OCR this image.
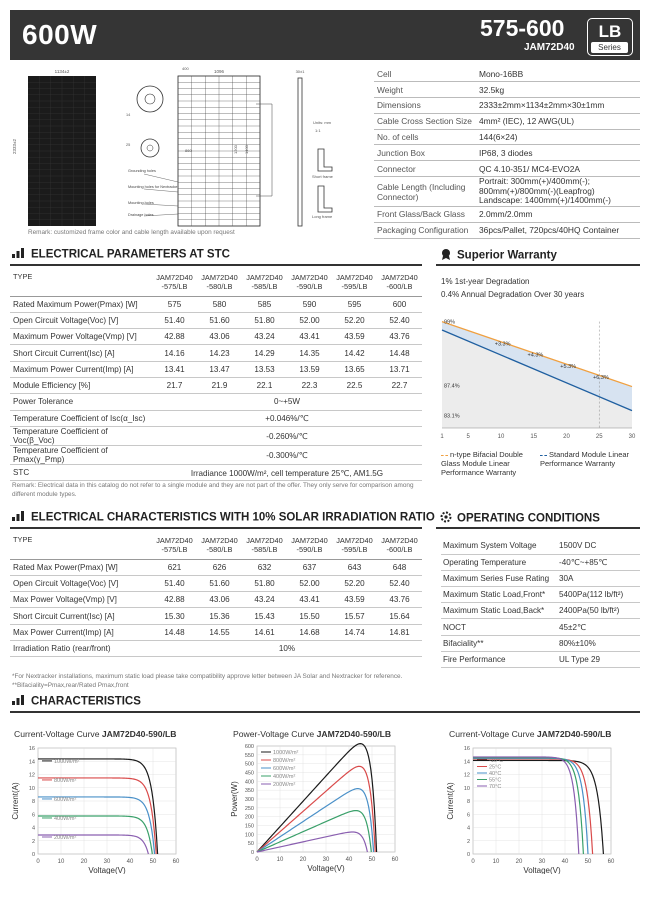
600W	575-600
JAM72D40
LB
Series
1134±2
2333±2
1096
1400
1200
400
860
25
14
Grounding holes
Mounting holes for Nextracker
Mounting holes
Drainage holes
30±1
Units: mm
1:1
Short frame
Long frame
Remark: customized frame color and cable length available upon request
Cell	Mono-16BB
Weight	32.5kg
Dimensions	2333±2mm×1134±2mm×30±1mm
Cable Cross Section Size	4mm² (IEC), 12 AWG(UL)
No. of cells	144(6×24)
Junction Box	IP68, 3 diodes
Connector	QC 4.10-351/ MC4-EVO2A
Cable Length (Including Connector)	Portrait: 300mm(+)/400mm(-); 800mm(+)/800mm(-)(Leapfrog) Landscape: 1400mm(+)/1400mm(-)
Front Glass/Back Glass	2.0mm/2.0mm
Packaging Configuration	36pcs/Pallet, 720pcs/40HQ Container
ELECTRICAL PARAMETERS AT STC
TYPE	JAM72D40 -575/LB	JAM72D40 -580/LB	JAM72D40 -585/LB	JAM72D40 -590/LB	JAM72D40 -595/LB	JAM72D40 -600/LB
Rated Maximum Power(Pmax) [W]	575	580	585	590	595	600
Open Circuit Voltage(Voc) [V]	51.40	51.60	51.80	52.00	52.20	52.40
Maximum Power Voltage(Vmp) [V]	42.88	43.06	43.24	43.41	43.59	43.76
Short Circuit Current(Isc) [A]	14.16	14.23	14.29	14.35	14.42	14.48
Maximum Power Current(Imp) [A]	13.41	13.47	13.53	13.59	13.65	13.71
Module Efficiency [%]	21.7	21.9	22.1	22.3	22.5	22.7
Power Tolerance	0~+5W					
Temperature Coefficient of Isc(α_Isc)	+0.046%/℃					
Temperature Coefficient of Voc(β_Voc)	-0.260%/℃					
Temperature Coefficient of Pmax(γ_Pmp)	-0.300%/℃					
STC	Irradiance 1000W/m², cell temperature 25℃, AM1.5G					
Remark: Electrical data in this catalog do not refer to a single module and they are not part of the offer. They only serve for comparison among different module types.
Superior Warranty
1% 1st-year Degradation
0.4% Annual Degradation Over 30 years
1	5	10	15	20	25	30
99%
87.4%
83.1%
+3.3%
+4.3%
+5.3%
+6.3%
n-type Bifacial Double Glass Module Linear Performance Warranty
Standard Module Linear Performance Warranty
ELECTRICAL CHARACTERISTICS WITH 10% SOLAR IRRADIATION RATIO
TYPE	JAM72D40 -575/LB	JAM72D40 -580/LB	JAM72D40 -585/LB	JAM72D40 -590/LB	JAM72D40 -595/LB	JAM72D40 -600/LB
Rated Max Power(Pmax) [W]	621	626	632	637	643	648
Open Circuit Voltage(Voc) [V]	51.40	51.60	51.80	52.00	52.20	52.40
Max Power Voltage(Vmp) [V]	42.88	43.06	43.24	43.41	43.59	43.76
Short Circuit Current(Isc) [A]	15.30	15.36	15.43	15.50	15.57	15.64
Max Power Current(Imp) [A]	14.48	14.55	14.61	14.68	14.74	14.81
Irradiation Ratio (rear/front)	10%					
*For Nextracker installations, maximum static load please take compatibility approve letter between JA Solar and Nextracker for reference.
**Bifaciality=Pmax,rear/Rated Pmax,front
OPERATING CONDITIONS
Maximum System Voltage	1500V DC
Operating Temperature	-40℃~+85℃
Maximum Series Fuse Rating	30A
Maximum Static Load,Front*	5400Pa(112 lb/ft²)
Maximum Static Load,Back*	2400Pa(50 lb/ft²)
NOCT	45±2℃
Bifaciality**	80%±10%
Fire Performance	UL Type 29
CHARACTERISTICS
Current-Voltage Curve JAM72D40-590/LB	Power-Voltage Curve JAM72D40-590/LB	Current-Voltage Curve JAM72D40-590/LB
0
2
4
6
8
10
12
14
16
0	10	20	30	40	50	60
1000W/m²
800W/m²
600W/m²
400W/m²
200W/m²
Voltage(V)
Current(A)
0
50
100
150
200
250
300
350
400
450
500
550
600
0	10	20	30	40	50	60
1000W/m²
800W/m²
600W/m²
400W/m²
200W/m²
Voltage(V)
Power(W)
0
2
4
6
8
10
12
14
16
0	10	20	30	40	50	60
-10°C
25°C
40°C
55°C
70°C
Voltage(V)
Current(A)
